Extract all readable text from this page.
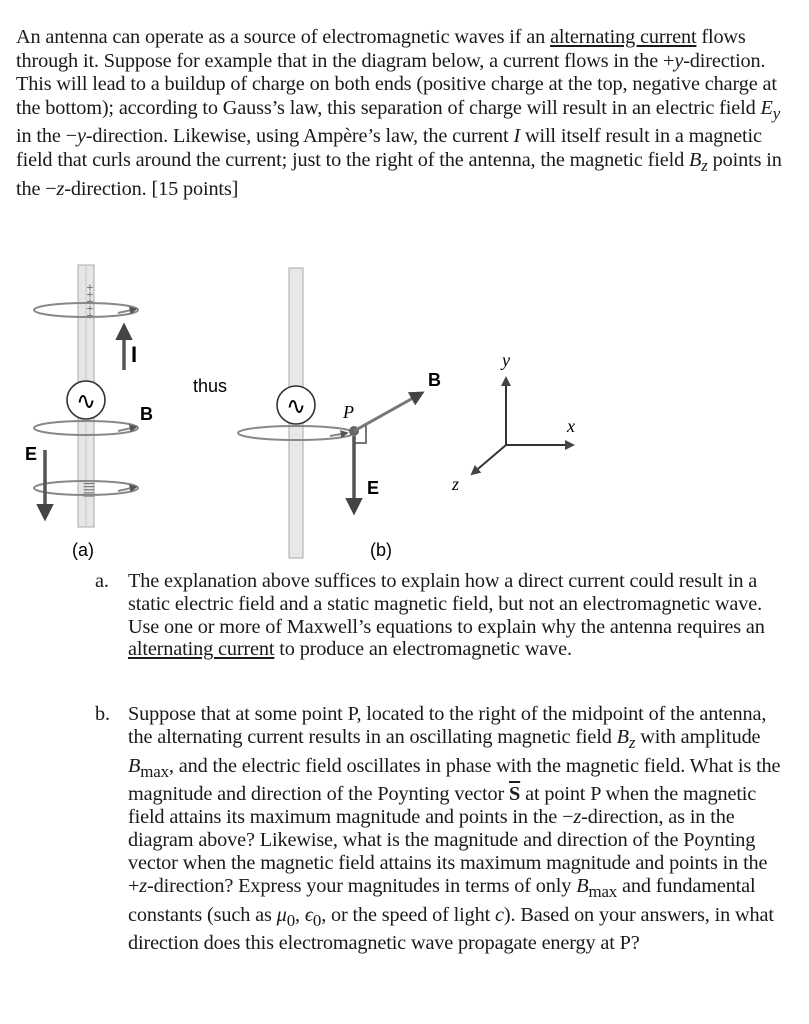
An antenna can operate as a source of electromagnetic waves if an alternating current flows through it. Suppose for example that in the diagram below, a current flows in the +y-direction. This will lead to a buildup of charge on both ends (positive charge at the top, negative charge at the bottom); according to Gauss’s law, this separation of charge will result in an electric field $E_y$ in the −y-direction. Likewise, using Ampère’s law, the current I will itself result in a magnetic field that curls around the current; just to the right of the antenna, the magnetic field $B_z$ points in the −z-direction. [15 points]
+++++
|||||
∿
I
B
E
thus
∿ P
B
E
y
x
z
(a)	(b)
a. The explanation above suffices to explain how a direct current could result in a static electric field and a static magnetic field, but not an electromagnetic wave. Use one or more of Maxwell’s equations to explain why the antenna requires an alternating current to produce an electromagnetic wave.
b. Suppose that at some point P, located to the right of the midpoint of the antenna, the alternating current results in an oscillating magnetic field $B_z$ with amplitude $B_{max}$, and the electric field oscillates in phase with the magnetic field. What is the magnitude and direction of the Poynting vector $\overline{S}$ at point P when the magnetic field attains its maximum magnitude and points in the −z-direction, as in the diagram above? Likewise, what is the magnitude and direction of the Poynting vector when the magnetic field attains its maximum magnitude and points in the +z-direction? Express your magnitudes in terms of only $B_{max}$ and fundamental constants (such as $\mu_0$, $\epsilon_0$, or the speed of light c). Based on your answers, in what direction does this electromagnetic wave propagate energy at P?
